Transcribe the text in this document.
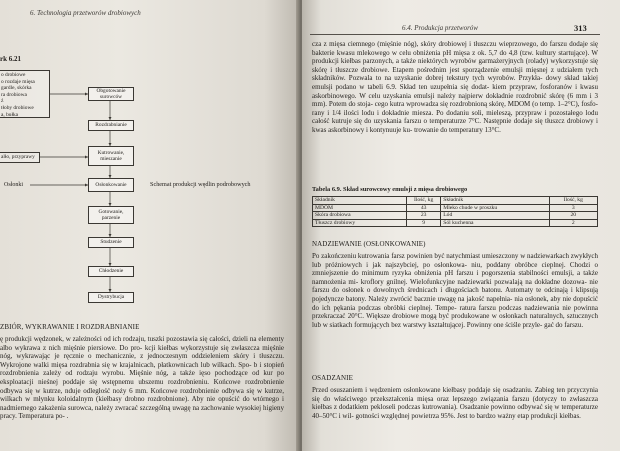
6. Technologia przetworów drobiowych
rk 6.21
o drobiowe
o rozdaje mięsa
gardle, skórka
ra drobiowa
ź
tłoby drobiowe
a, bułka
alło, przyprawy
Osłonki
Obgotowanie surowców
Rozdrabnianie
Kutrowanie, mieszanie
Osłonkowanie
Gotowanie, parzenie
Studzenie
Chłodzenie
Dystrybucja
Schemat produkcji wędlin podrobowych
ZBIÓR, WYKRAWANIE I ROZDRABNIANIE
ę produkcji wędzonek, w zależności od ich rodzaju, tuszki pozostawia się całości, dzieli na elementy albo wykrawa z nich mięśnie piersiowe. Do pro- kcji kiełbas wykorzystuje się zwłaszcza mięśnie nóg, wykrawając je ręcznie o mechanicznie, z jednoczesnym oddzieleniem skóry i tłuszczu. Wykrojone walki mięsa rozdrabnia się w krajalnicach, płatkownicach lub wilkach. Spo- b i stopień rozdrobnienia zależy od rodzaju wyrobu. Mięśnie nóg, a także ięso pochodzące od kur po eksploatacji nieśnej poddaje się wstępnemu ubszemu rozdrobnieniu. Końcowe rozdrobnienie odbywa się w kutrze, nduje odległość noży 6 mm. Końcowe rozdrobnienie odbywa się w kutrze, wilkach w młynku koloidalnym (kiełbasy drobno rozdrobnione). Aby nie opuścić do wtórnego i nadmiernego zakażenia surowca, należy zwracać szczególną uwagę na zachowanie wysokiej higieny pracy. Temperatura po- .
6.4. Produkcja przetworów	313
cza z mięsa ciemnego (mięśnie nóg), skóry drobiowej i tłuszczu wieprzowego, do farszu dodaje się bakterie kwasu mlekowego w celu obniżenia pH mięsa z ok. 5,7 do 4,8 (tzw. kultury startujące). W produkcji kiełbas parzonych, a także niektórych wyrobów garmażeryjnych (rolady) wykorzystuje się skórę i tłuszcze drobiowe. Etapem pośrednim jest sporządzenie emulsji mięsnej z udziałem tych składników. Pozwala to na uzyskanie dobrej tekstury tych wyrobów. Przykła- dowy skład takiej emulsji podano w tabeli 6.9. Skład ten uzupełnia się dodat- kiem przypraw, fosforanów i kwasu askorbinowego. W celu uzyskania emulsji należy najpierw dokładnie rozdrobnić skórę (6 mm i 3 mm). Potem do stoja- cego kutra wprowadza się rozdrobnioną skórę, MDOM (o temp. 1–2°C), fosfo- rany i 1/4 ilości lodu i dokładnie miesza. Po dodaniu soli, mieleszą, przypraw i pozostałego lodu całość kutruje się do uzyskania farszu o temperaturze 7°C. Następnie dodaje się tłuszcz drobiowy i kwas askorbinowy i kontynuuje ku- trowanie do temperatury 13°C.
Tabela 6.9. Skład surowcowy emulsji z mięsa drobiowego
Składnik	Ilość, kg	Składnik	Ilość, kg
MDOM	43	Mleko chude w proszku	3
Skóra drobiowa	23	Lód	20
Tłuszcz drobiowy	9	Sól kuchenna	2
NADZIEWANIE (OSŁONKOWANIE)
Po zakończeniu kutrowania farsz powinien być natychmiast umieszczony w nadziewarkach zwykłych lub próżniowych i jak najszybciej, po osłonkowa- niu, poddany obróbce cieplnej. Chodzi o zmniejszenie do minimum ryzyka obniżenia pH farszu i pogorszenia stabilności emulsji, a także namnożenia mi- kroflory gnilnej. Wielofunkcyjne nadziewarki pozwalają na dokładne dozowa- nie farszu do osłonek o dowolnych średnicach i długościach batonu. Automaty te odcinają i klipsują pojedyncze batony. Należy zwrócić bacznie uwagę na jakość napełnia- nia osłonek, aby nie dopuścić do ich pękania podczas obróbki cieplnej. Tempe- ratura farszu podczas nadziewania nie powinna przekraczać 20°C. Większe drobiowe mogą być produkowane w osłonkach naturalnych, sztucznych lub w siatkach formujących bez warstwy kształtującej. Powinny one ściśle przyle- gać do farszu.
OSADZANIE
Przed osuszaniem i wędzeniem osłonkowane kiełbasy poddaje się osadzaniu. Zabieg ten przyczynia się do właściwego przekształcenia mięsa oraz lepszego związania farszu (dotyczy to zwłaszcza kiełbas z dodatkiem pekloseli podczas kutrowania). Osadzanie powinno odbywać się w temperaturze 40–50°C i wil- gotności względnej powietrza 95%. Jest to bardzo ważny etap produkcji kiełbas.
